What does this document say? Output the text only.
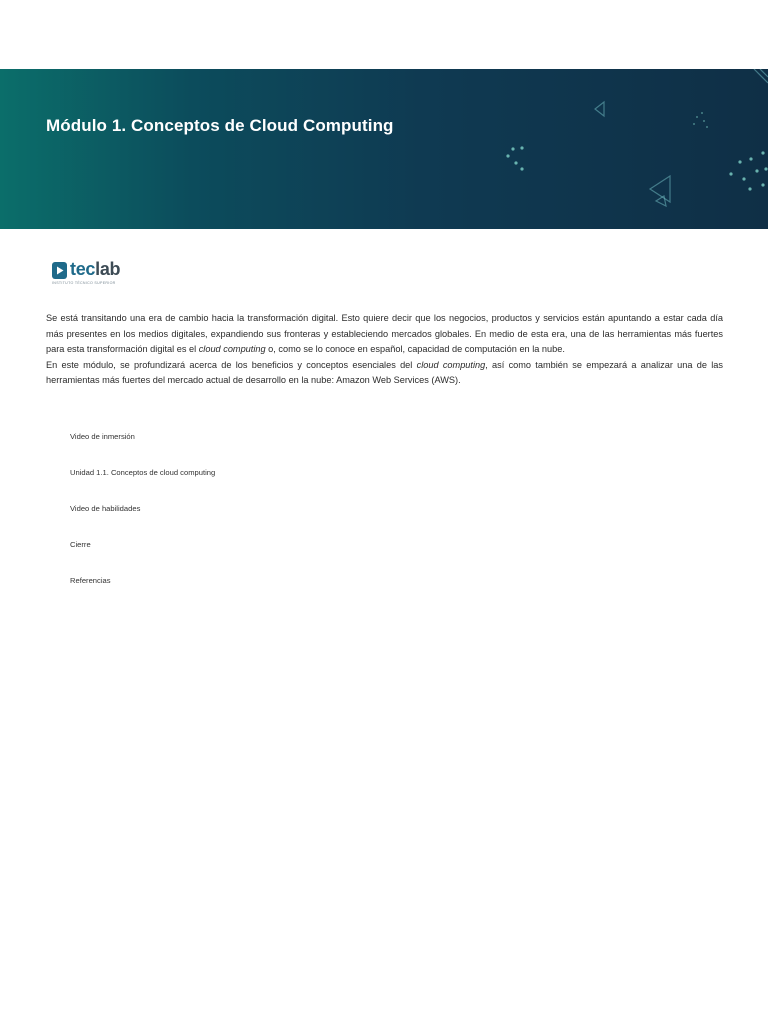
Módulo 1. Conceptos de Cloud Computing
teclab
INSTITUTO TÉCNICO SUPERIOR

Se está transitando una era de cambio hacia la transformación digital. Esto quiere decir que los negocios, productos y servicios están apuntando a estar cada día más presentes en los medios digitales, expandiendo sus fronteras y estableciendo mercados globales. En medio de esta era, una de las herramientas más fuertes para esta transformación digital es el cloud computing o, como se lo conoce en español, capacidad de computación en la nube.

En este módulo, se profundizará acerca de los beneficios y conceptos esenciales del cloud computing, así como también se empezará a analizar una de las herramientas más fuertes del mercado actual de desarrollo en la nube: Amazon Web Services (AWS).

Video de inmersión
Unidad 1.1. Conceptos de cloud computing
Video de habilidades
Cierre
Referencias
